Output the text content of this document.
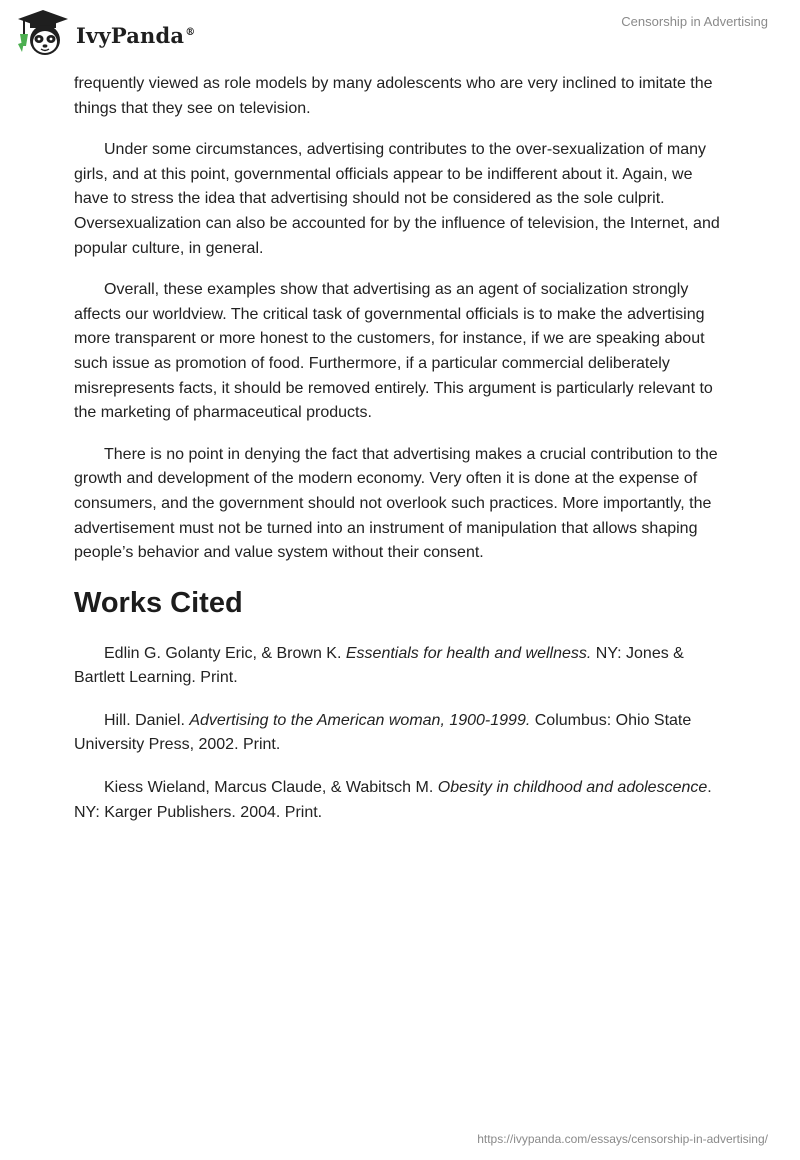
IvyPanda®
Censorship in Advertising

frequently viewed as role models by many adolescents who are very inclined to imitate the things that they see on television.

Under some circumstances, advertising contributes to the over-sexualization of many girls, and at this point, governmental officials appear to be indifferent about it. Again, we have to stress the idea that advertising should not be considered as the sole culprit. Oversexualization can also be accounted for by the influence of television, the Internet, and popular culture, in general.

Overall, these examples show that advertising as an agent of socialization strongly affects our worldview. The critical task of governmental officials is to make the advertising more transparent or more honest to the customers, for instance, if we are speaking about such issue as promotion of food. Furthermore, if a particular commercial deliberately misrepresents facts, it should be removed entirely. This argument is particularly relevant to the marketing of pharmaceutical products.

There is no point in denying the fact that advertising makes a crucial contribution to the growth and development of the modern economy. Very often it is done at the expense of consumers, and the government should not overlook such practices. More importantly, the advertisement must not be turned into an instrument of manipulation that allows shaping people’s behavior and value system without their consent.

Works Cited

Edlin G. Golanty Eric, & Brown K. Essentials for health and wellness. NY: Jones & Bartlett Learning. Print.

Hill. Daniel. Advertising to the American woman, 1900-1999. Columbus: Ohio State University Press, 2002. Print.

Kiess Wieland, Marcus Claude, & Wabitsch M. Obesity in childhood and adolescence. NY: Karger Publishers. 2004. Print.

https://ivypanda.com/essays/censorship-in-advertising/
